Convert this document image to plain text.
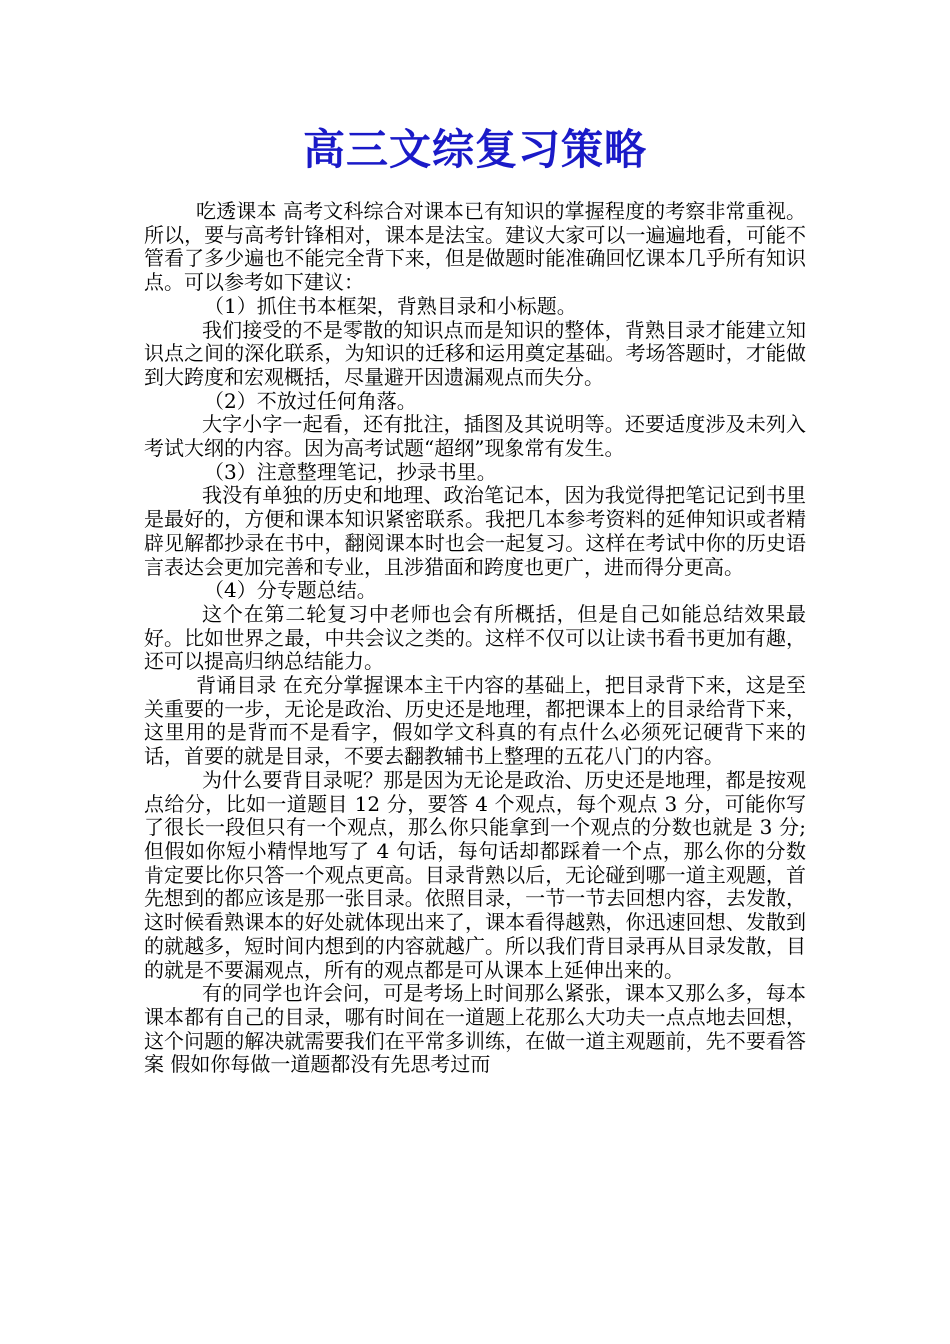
高三文综复习策略

吃透课本 高考文科综合对课本已有知识的掌握程度的考察非常重视。所以，要与高考针锋相对，课本是法宝。建议大家可以一遍遍地看，可能不管看了多少遍也不能完全背下来，但是做题时能准确回忆课本几乎所有知识点。可以参考如下建议：

（1）抓住书本框架，背熟目录和小标题。

我们接受的不是零散的知识点而是知识的整体，背熟目录才能建立知识点之间的深化联系，为知识的迁移和运用奠定基础。考场答题时，才能做到大跨度和宏观概括，尽量避开因遗漏观点而失分。

（2）不放过任何角落。

大字小字一起看，还有批注，插图及其说明等。还要适度涉及未列入考试大纲的内容。因为高考试题“超纲”现象常有发生。

（3）注意整理笔记，抄录书里。

我没有单独的历史和地理、政治笔记本，因为我觉得把笔记记到书里是最好的，方便和课本知识紧密联系。我把几本参考资料的延伸知识或者精辟见解都抄录在书中，翻阅课本时也会一起复习。这样在考试中你的历史语言表达会更加完善和专业，且涉猎面和跨度也更广，进而得分更高。

（4）分专题总结。

这个在第二轮复习中老师也会有所概括，但是自己如能总结效果最好。比如世界之最，中共会议之类的。这样不仅可以让读书看书更加有趣，还可以提高归纳总结能力。

背诵目录 在充分掌握课本主干内容的基础上，把目录背下来，这是至关重要的一步，无论是政治、历史还是地理，都把课本上的目录给背下来，这里用的是背而不是看字，假如学文科真的有点什么必须死记硬背下来的话，首要的就是目录，不要去翻教辅书上整理的五花八门的内容。

为什么要背目录呢？那是因为无论是政治、历史还是地理，都是按观点给分，比如一道题目 12 分，要答 4 个观点，每个观点 3 分，可能你写了很长一段但只有一个观点，那么你只能拿到一个观点的分数也就是 3 分;但假如你短小精悍地写了 4 句话，每句话却都踩着一个点，那么你的分数肯定要比你只答一个观点更高。目录背熟以后，无论碰到哪一道主观题，首先想到的都应该是那一张目录。依照目录，一节一节去回想内容，去发散，这时候看熟课本的好处就体现出来了，课本看得越熟，你迅速回想、发散到的就越多，短时间内想到的内容就越广。所以我们背目录再从目录发散，目的就是不要漏观点，所有的观点都是可从课本上延伸出来的。

有的同学也许会问，可是考场上时间那么紧张，课本又那么多，每本课本都有自己的目录，哪有时间在一道题上花那么大功夫一点点地去回想，这个问题的解决就需要我们在平常多训练，在做一道主观题前，先不要看答案 假如你每做一道题都没有先思考过而
